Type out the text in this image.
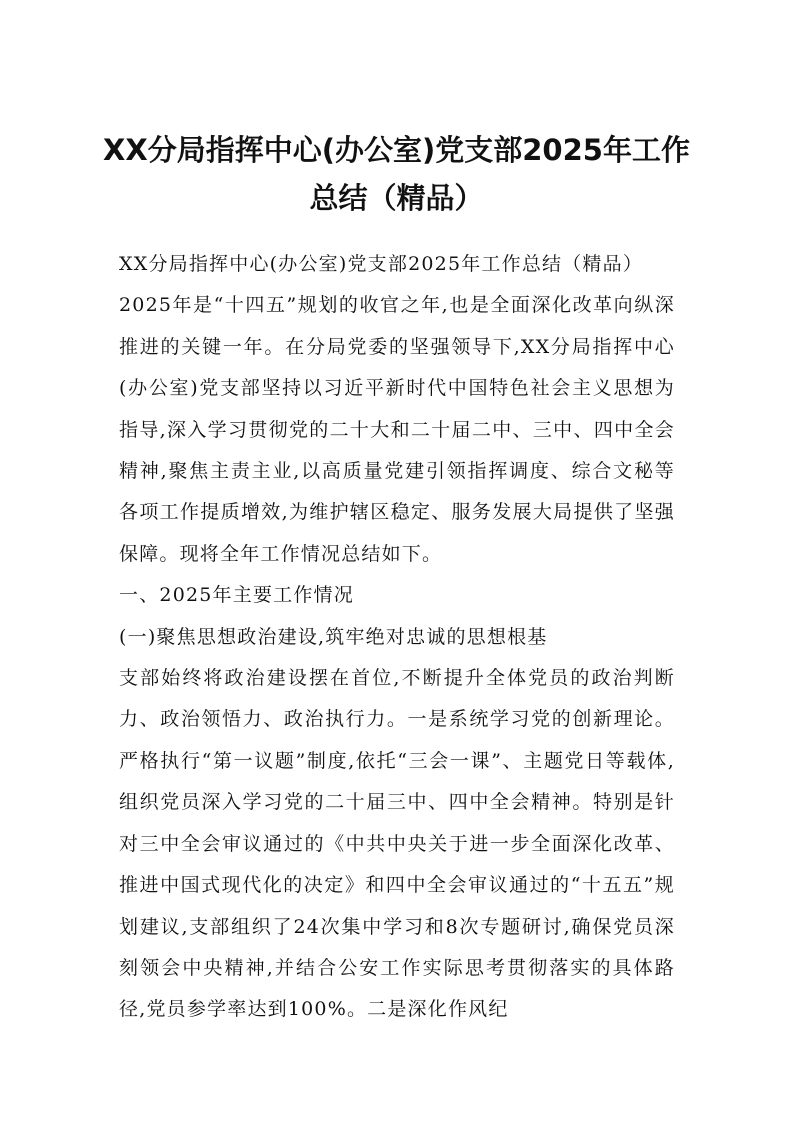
XX分局指挥中心(办公室)党支部2025年工作总结（精品）

XX分局指挥中心(办公室)党支部2025年工作总结（精品）

2025年是“十四五”规划的收官之年,也是全面深化改革向纵深推进的关键一年。在分局党委的坚强领导下,XX分局指挥中心(办公室)党支部坚持以习近平新时代中国特色社会主义思想为指导,深入学习贯彻党的二十大和二十届二中、三中、四中全会精神,聚焦主责主业,以高质量党建引领指挥调度、综合文秘等各项工作提质增效,为维护辖区稳定、服务发展大局提供了坚强保障。现将全年工作情况总结如下。

一、2025年主要工作情况

(一)聚焦思想政治建设,筑牢绝对忠诚的思想根基

支部始终将政治建设摆在首位,不断提升全体党员的政治判断力、政治领悟力、政治执行力。一是系统学习党的创新理论。严格执行“第一议题”制度,依托“三会一课”、主题党日等载体,组织党员深入学习党的二十届三中、四中全会精神。特别是针对三中全会审议通过的《中共中央关于进一步全面深化改革、推进中国式现代化的决定》和四中全会审议通过的“十五五”规划建议,支部组织了24次集中学习和8次专题研讨,确保党员深刻领会中央精神,并结合公安工作实际思考贯彻落实的具体路径,党员参学率达到100%。二是深化作风纪
